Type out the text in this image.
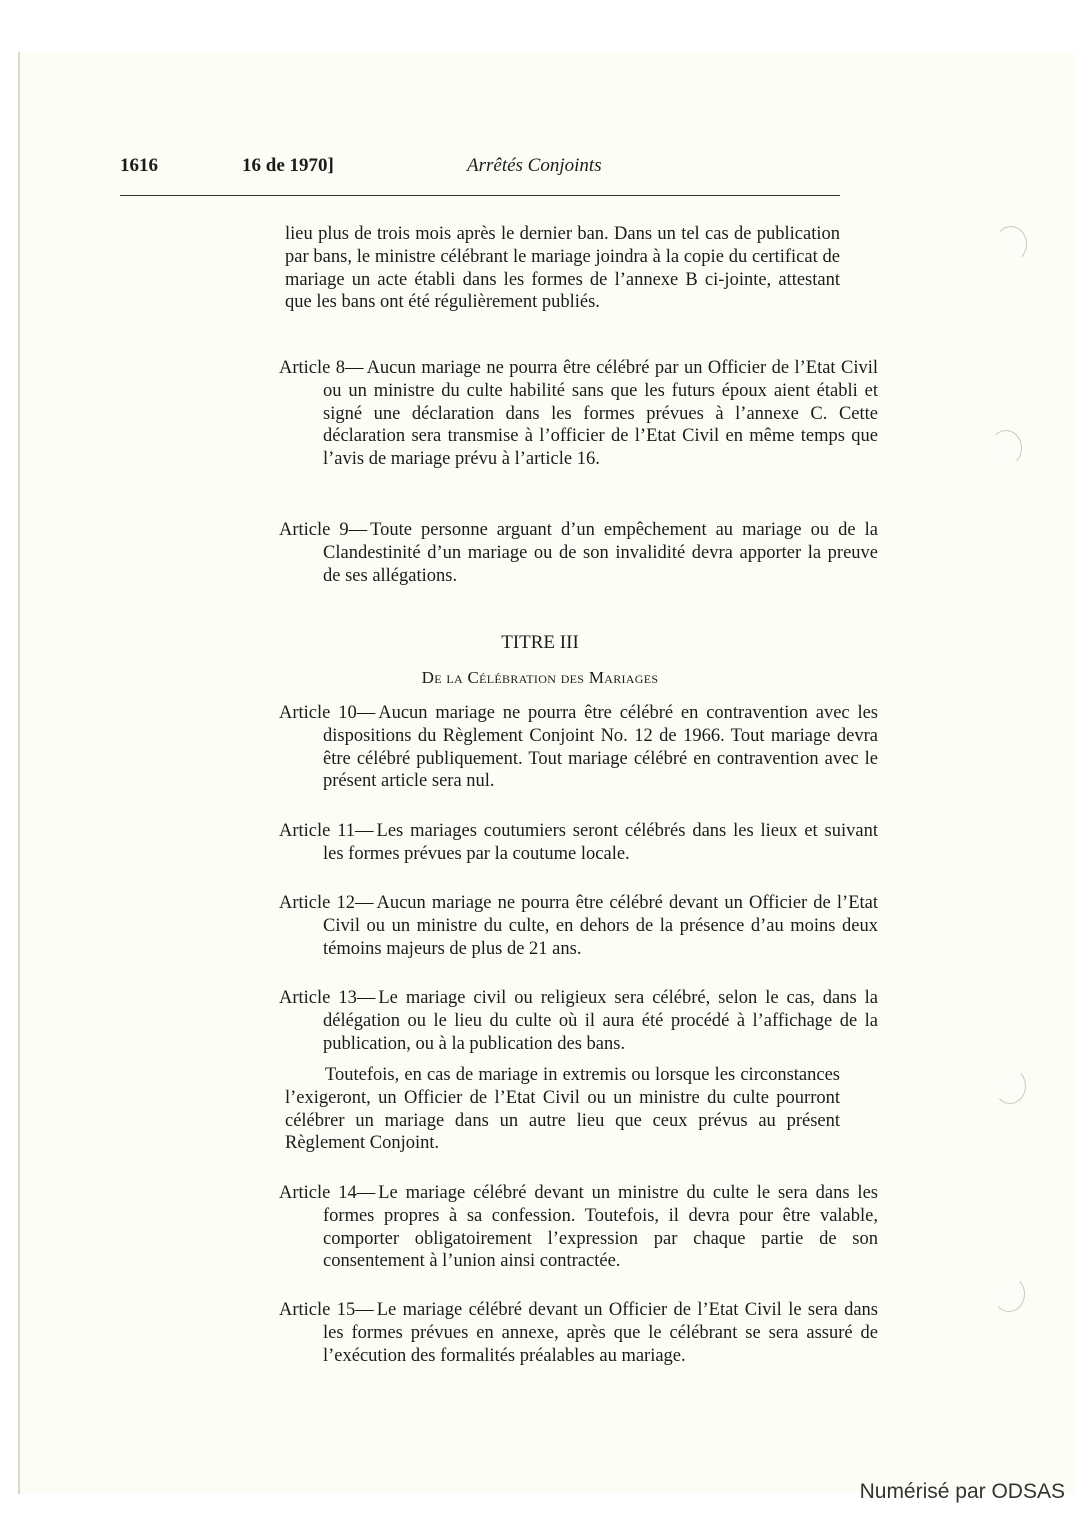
1616	16 de 1970]	Arrêtés Conjoints

lieu plus de trois mois après le dernier ban. Dans un tel cas de publication par bans, le ministre célébrant le mariage joindra à la copie du certificat de mariage un acte établi dans les formes de l’annexe B ci-jointe, attestant que les bans ont été régulièrement publiés.

Article 8— Aucun mariage ne pourra être célébré par un Officier de l’Etat Civil ou un ministre du culte habilité sans que les futurs époux aient établi et signé une déclaration dans les formes prévues à l’annexe C. Cette déclaration sera transmise à l’officier de l’Etat Civil en même temps que l’avis de mariage prévu à l’article 16.

Article 9— Toute personne arguant d’un empêchement au mariage ou de la Clandestinité d’un mariage ou de son invalidité devra apporter la preuve de ses allégations.

TITRE III
De la Célébration des Mariages

Article 10— Aucun mariage ne pourra être célébré en contravention avec les dispositions du Règlement Conjoint No. 12 de 1966. Tout mariage devra être célébré publiquement. Tout mariage célébré en contravention avec le présent article sera nul.

Article 11— Les mariages coutumiers seront célébrés dans les lieux et suivant les formes prévues par la coutume locale.

Article 12— Aucun mariage ne pourra être célébré devant un Officier de l’Etat Civil ou un ministre du culte, en dehors de la présence d’au moins deux témoins majeurs de plus de 21 ans.

Article 13— Le mariage civil ou religieux sera célébré, selon le cas, dans la délégation ou le lieu du culte où il aura été procédé à l’affichage de la publication, ou à la publication des bans.

Toutefois, en cas de mariage in extremis ou lorsque les circonstances l’exigeront, un Officier de l’Etat Civil ou un ministre du culte pourront célébrer un mariage dans un autre lieu que ceux prévus au présent Règlement Conjoint.

Article 14— Le mariage célébré devant un ministre du culte le sera dans les formes propres à sa confession. Toutefois, il devra pour être valable, comporter obligatoirement l’expression par chaque partie de son consentement à l’union ainsi contractée.

Article 15— Le mariage célébré devant un Officier de l’Etat Civil le sera dans les formes prévues en annexe, après que le célébrant se sera assuré de l’exécution des formalités préalables au mariage.

Numérisé par ODSAS
